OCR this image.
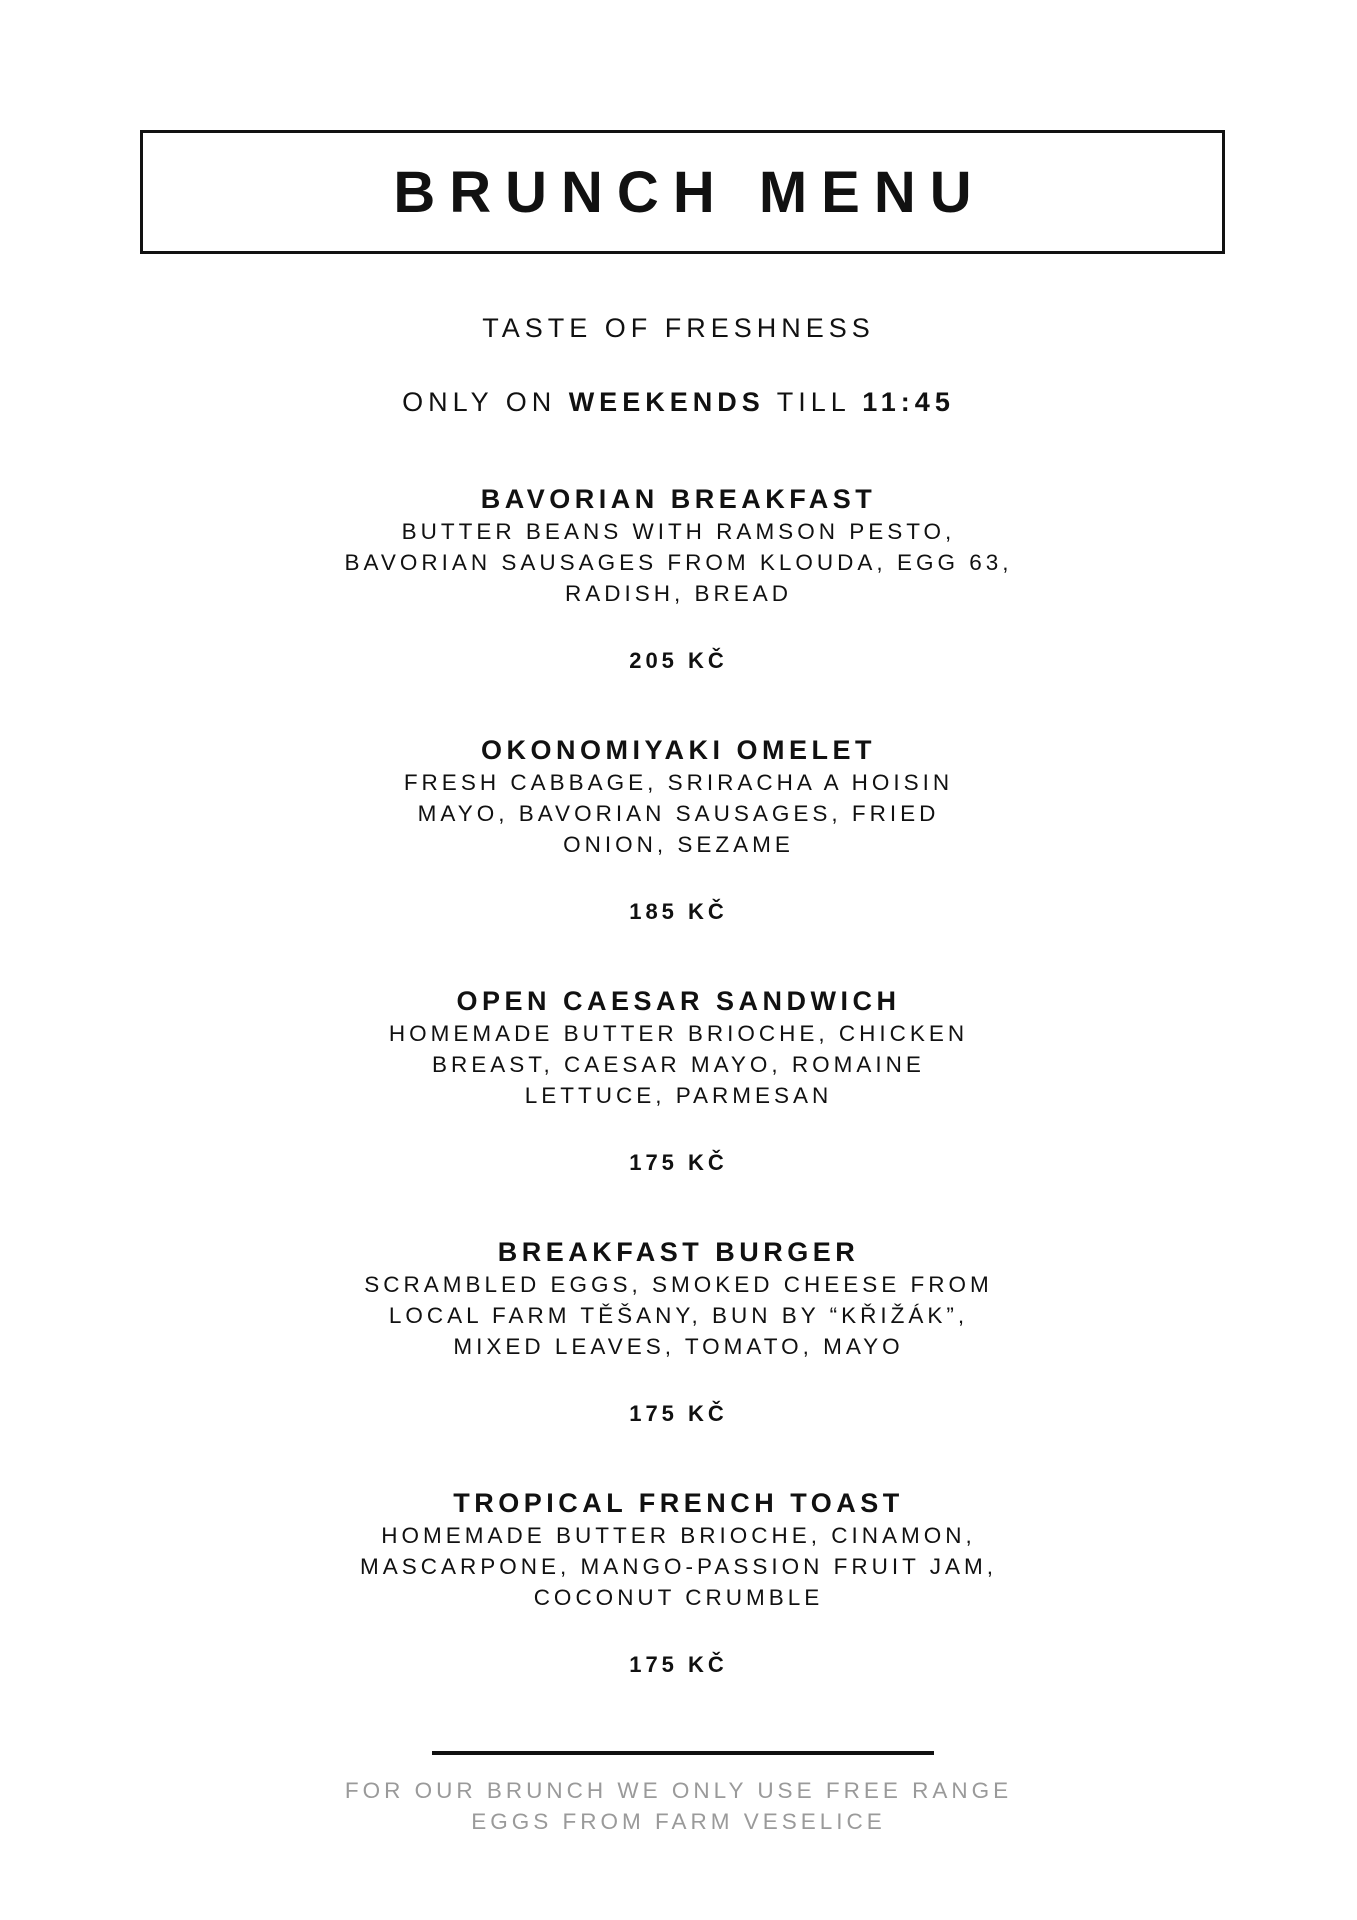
BRUNCH MENU
TASTE OF FRESHNESS
ONLY ON WEEKENDS TILL 11:45
BAVORIAN BREAKFAST
BUTTER BEANS WITH RAMSON PESTO,
BAVORIAN SAUSAGES FROM KLOUDA, EGG 63,
RADISH, BREAD
205 KČ
OKONOMIYAKI OMELET
FRESH CABBAGE, SRIRACHA A HOISIN
MAYO, BAVORIAN SAUSAGES, FRIED
ONION, SEZAME
185 KČ
OPEN CAESAR SANDWICH
HOMEMADE BUTTER BRIOCHE, CHICKEN
BREAST, CAESAR MAYO, ROMAINE
LETTUCE, PARMESAN
175 KČ
BREAKFAST BURGER
SCRAMBLED EGGS, SMOKED CHEESE FROM
LOCAL FARM TĚŠANY, BUN BY “KŘIŽÁK”,
MIXED LEAVES, TOMATO, MAYO
175 KČ
TROPICAL FRENCH TOAST
HOMEMADE BUTTER BRIOCHE, CINAMON,
MASCARPONE, MANGO-PASSION FRUIT JAM,
COCONUT CRUMBLE
175 KČ
FOR OUR BRUNCH WE ONLY USE FREE RANGE
EGGS FROM FARM VESELICE
